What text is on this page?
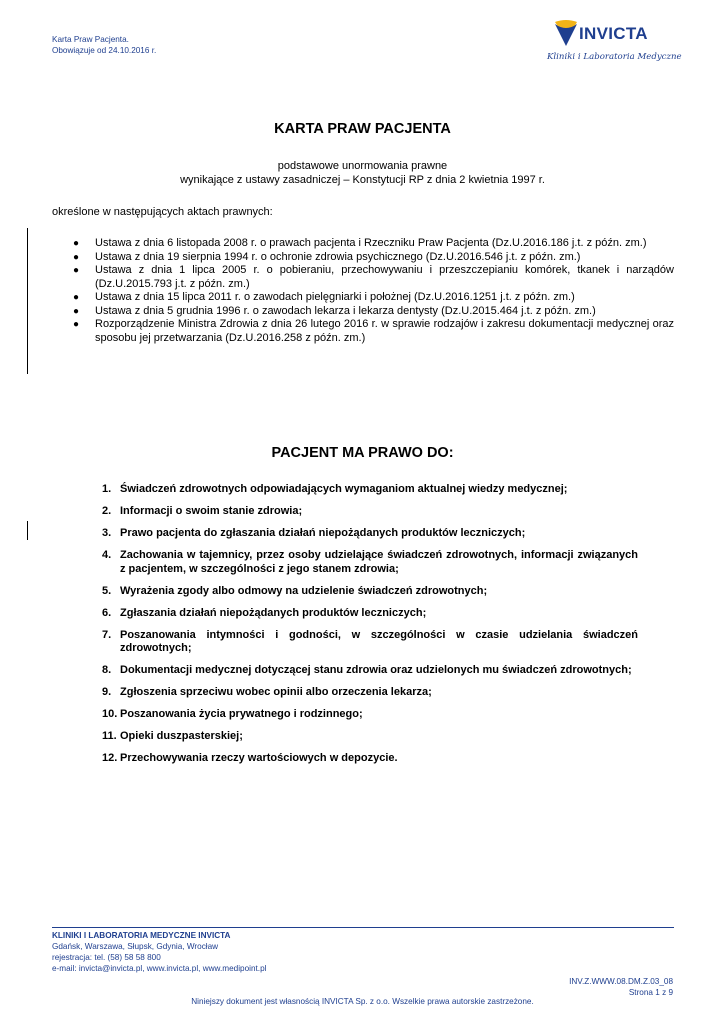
Karta Praw Pacjenta.
Obowiązuje od 24.10.2016 r.
INVICTA
Kliniki i Laboratoria Medyczne
KARTA PRAW PACJENTA
podstawowe unormowania prawne
wynikające z ustawy zasadniczej – Konstytucji RP z dnia 2 kwietnia 1997 r.
określone w następujących aktach prawnych:
● Ustawa z dnia 6 listopada 2008 r. o prawach pacjenta i Rzeczniku Praw Pacjenta (Dz.U.2016.186 j.t. z późn. zm.)
● Ustawa z dnia 19 sierpnia 1994 r. o ochronie zdrowia psychicznego (Dz.U.2016.546 j.t. z późn. zm.)
● Ustawa z dnia 1 lipca 2005 r. o pobieraniu, przechowywaniu i przeszczepianiu komórek, tkanek i narządów (Dz.U.2015.793 j.t. z późn. zm.)
● Ustawa z dnia 15 lipca 2011 r. o zawodach pielęgniarki i położnej (Dz.U.2016.1251 j.t. z późn. zm.)
● Ustawa z dnia 5 grudnia 1996 r. o zawodach lekarza i lekarza dentysty (Dz.U.2015.464 j.t. z późn. zm.)
● Rozporządzenie Ministra Zdrowia z dnia 26 lutego 2016 r. w sprawie rodzajów i zakresu dokumentacji medycznej oraz sposobu jej przetwarzania (Dz.U.2016.258 z późn. zm.)
PACJENT MA PRAWO DO:
1. Świadczeń zdrowotnych odpowiadających wymaganiom aktualnej wiedzy medycznej;
2. Informacji o swoim stanie zdrowia;
3. Prawo pacjenta do zgłaszania działań niepożądanych produktów leczniczych;
4. Zachowania w tajemnicy, przez osoby udzielające świadczeń zdrowotnych, informacji związanych z pacjentem, w szczególności z jego stanem zdrowia;
5. Wyrażenia zgody albo odmowy na udzielenie świadczeń zdrowotnych;
6. Zgłaszania działań niepożądanych produktów leczniczych;
7. Poszanowania intymności i godności, w szczególności w czasie udzielania świadczeń zdrowotnych;
8. Dokumentacji medycznej dotyczącej stanu zdrowia oraz udzielonych mu świadczeń zdrowotnych;
9. Zgłoszenia sprzeciwu wobec opinii albo orzeczenia lekarza;
10. Poszanowania życia prywatnego i rodzinnego;
11. Opieki duszpasterskiej;
12. Przechowywania rzeczy wartościowych w depozycie.
KLINIKI I LABORATORIA MEDYCZNE INVICTA
Gdańsk, Warszawa, Słupsk, Gdynia, Wrocław
rejestracja: tel. (58) 58 58 800
e-mail: invicta@invicta.pl, www.invicta.pl, www.medipoint.pl
INV.Z.WWW.08.DM.Z.03_08
Strona 1 z 9
Niniejszy dokument jest własnością INVICTA Sp. z o.o. Wszelkie prawa autorskie zastrzeżone.
